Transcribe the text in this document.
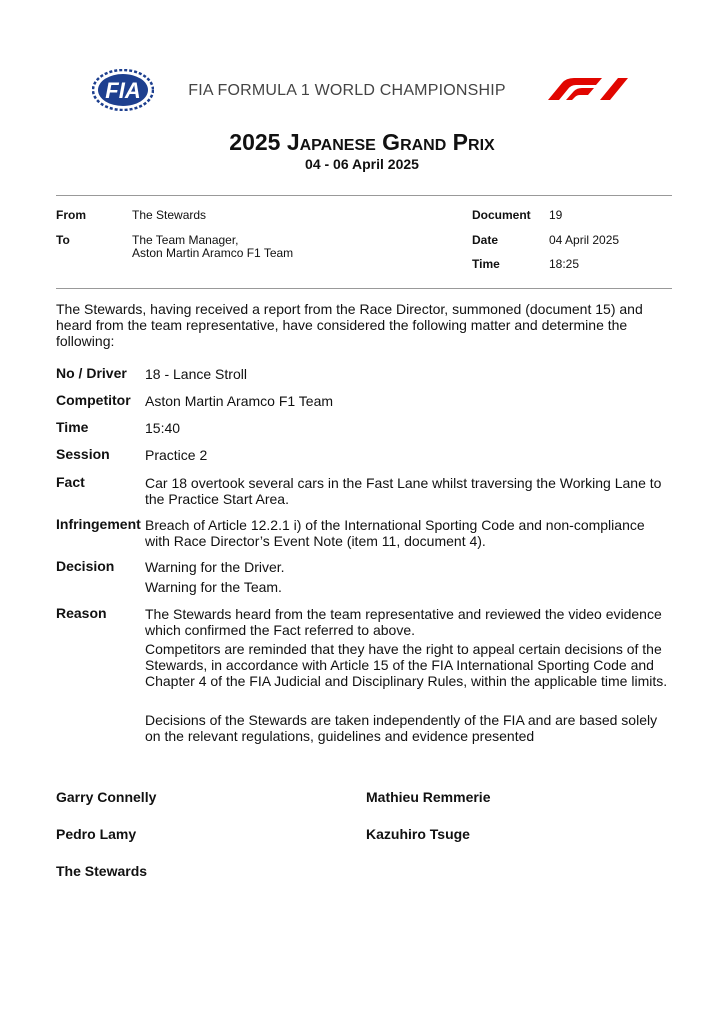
FIA	FIA FORMULA 1 WORLD CHAMPIONSHIP
F1
2025 Japanese Grand Prix
04 - 06 April 2025
From	The Stewards
To	The Team Manager,
Aston Martin Aramco F1 Team
Document 19
Date	04 April 2025
Time	18:25
The Stewards, having received a report from the Race Director, summoned (document 15) and heard from the team representative, have considered the following matter and determine the following:
No / Driver 18 - Lance Stroll
Competitor Aston Martin Aramco F1 Team
Time	15:40
Session	Practice 2
Fact	Car 18 overtook several cars in the Fast Lane whilst traversing the Working Lane to the Practice Start Area.
Infringement Breach of Article 12.2.1 i) of the International Sporting Code and non-compliance with Race Director’s Event Note (item 11, document 4).
Decision Warning for the Driver.
Warning for the Team.
Reason	The Stewards heard from the team representative and reviewed the video evidence which confirmed the Fact referred to above.
Competitors are reminded that they have the right to appeal certain decisions of the Stewards, in accordance with Article 15 of the FIA International Sporting Code and Chapter 4 of the FIA Judicial and Disciplinary Rules, within the applicable time limits.
Decisions of the Stewards are taken independently of the FIA and are based solely on the relevant regulations, guidelines and evidence presented
Garry Connelly	Mathieu Remmerie
Pedro Lamy	Kazuhiro Tsuge
The Stewards
